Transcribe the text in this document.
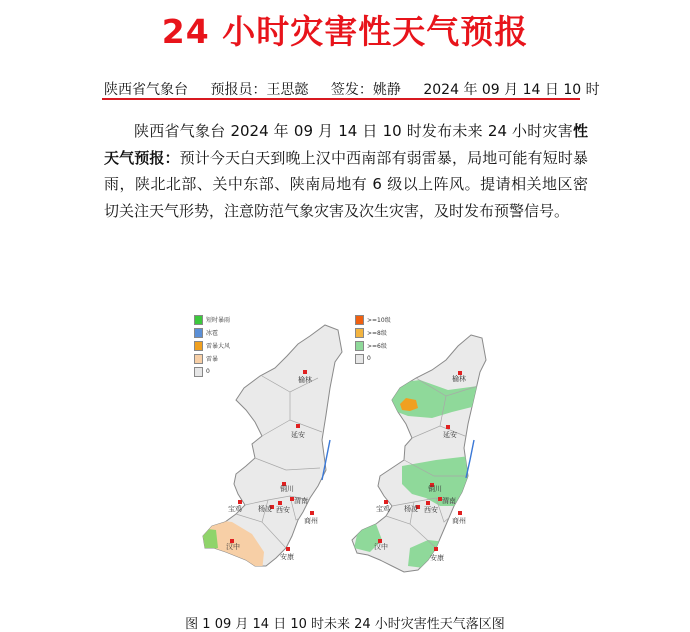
24 小时灾害性天气预报
陕西省气象台 预报员：王思懿 签发：姚静 2024 年 09 月 14 日 10 时
陕西省气象台 2024 年 09 月 14 日 10 时发布未来 24 小时灾害性天气预报：预计今天白天到晚上汉中西南部有弱雷暴，局地可能有短时暴雨，陕北北部、关中东部、陕南局地有 6 级以上阵风。提请相关地区密切关注天气形势，注意防范气象灾害及次生灾害，及时发布预警信号。
短时暴雨
冰雹
雷暴大风
雷暴
0
>=10级
>=8级
>=6级
0
榆林
延安
铜川
渭南
西安
杨凌
宝鸡
商州
汉中
安康
榆林
延安
铜川
渭南
西安
杨凌
宝鸡
商州
汉中
安康
图 1 09 月 14 日 10 时未来 24 小时灾害性天气落区图
